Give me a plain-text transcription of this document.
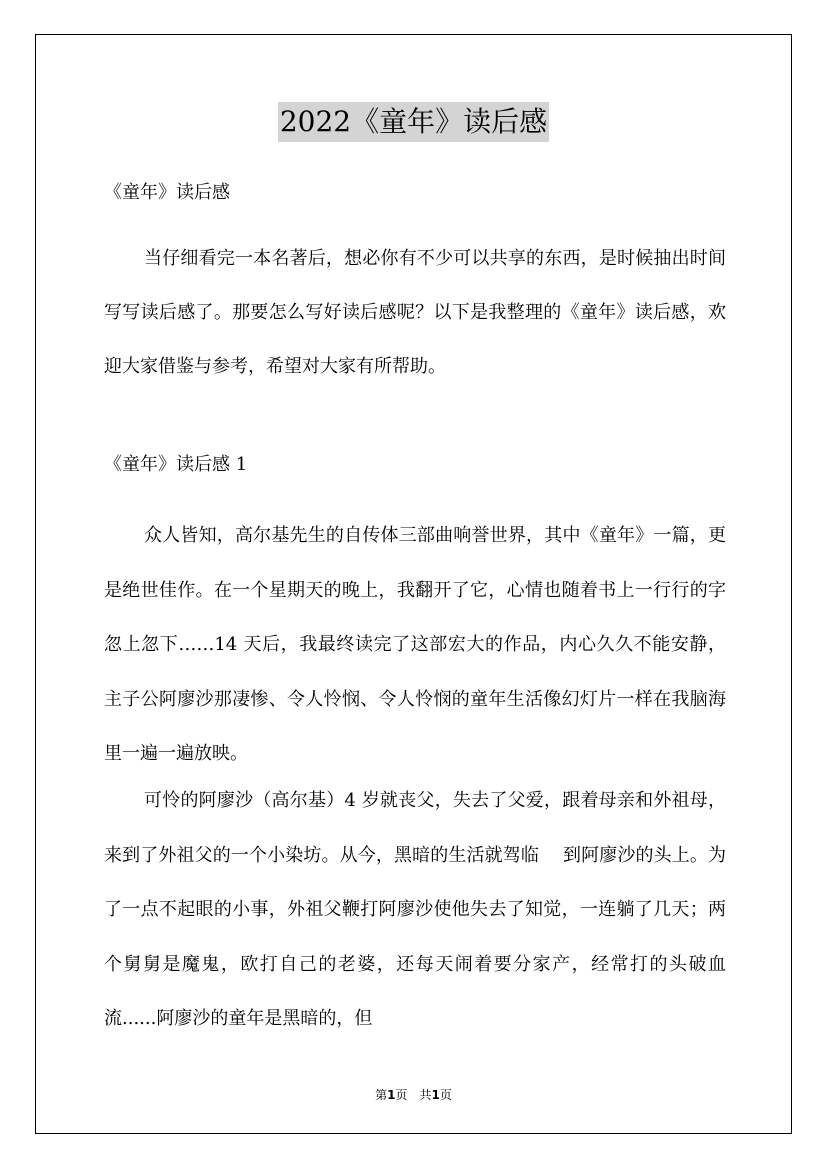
2022《童年》读后感
《童年》读后感

当仔细看完一本名著后，想必你有不少可以共享的东西，是时候抽出时间写写读后感了。那要怎么写好读后感呢？以下是我整理的《童年》读后感，欢迎大家借鉴与参考，希望对大家有所帮助。

《童年》读后感 1

众人皆知，高尔基先生的自传体三部曲响誉世界，其中《童年》一篇，更是绝世佳作。在一个星期天的晚上，我翻开了它，心情也随着书上一行行的字忽上忽下……14 天后，我最终读完了这部宏大的作品，内心久久不能安静，主子公阿廖沙那凄惨、令人怜悯、令人怜悯的童年生活像幻灯片一样在我脑海里一遍一遍放映。

可怜的阿廖沙（高尔基）4 岁就丧父，失去了父爱，跟着母亲和外祖母，来到了外祖父的一个小染坊。从今，黑暗的生活就驾临　 到阿廖沙的头上。为了一点不起眼的小事，外祖父鞭打阿廖沙使他失去了知觉，一连躺了几天；两个舅舅是魔鬼，欧打自己的老婆，还每天闹着要分家产，经常打的头破血流......阿廖沙的童年是黑暗的，但

第1页　共1页
